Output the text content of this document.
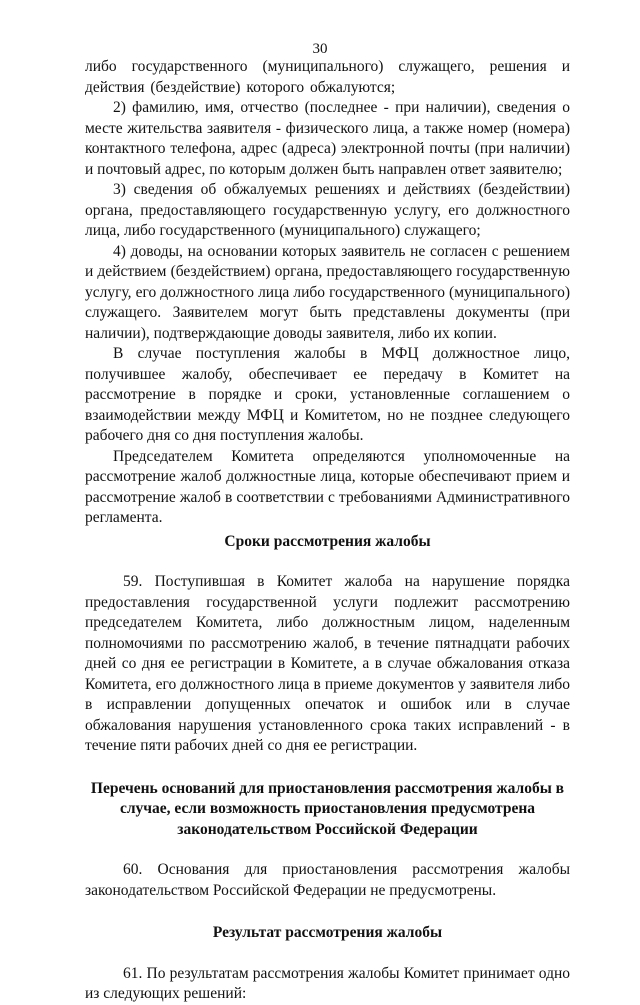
30

либо государственного (муниципального) служащего, решения и действия (бездействие) которого обжалуются;

2) фамилию, имя, отчество (последнее - при наличии), сведения о месте жительства заявителя - физического лица, а также номер (номера) контактного телефона, адрес (адреса) электронной почты (при наличии) и почтовый адрес, по которым должен быть направлен ответ заявителю;

3) сведения об обжалуемых решениях и действиях (бездействии) органа, предоставляющего государственную услугу, его должностного лица, либо государственного (муниципального) служащего;

4) доводы, на основании которых заявитель не согласен с решением и действием (бездействием) органа, предоставляющего государственную услугу, его должностного лица либо государственного (муниципального) служащего. Заявителем могут быть представлены документы (при наличии), подтверждающие доводы заявителя, либо их копии.

В случае поступления жалобы в МФЦ должностное лицо, получившее жалобу, обеспечивает ее передачу в Комитет на рассмотрение в порядке и сроки, установленные соглашением о взаимодействии между МФЦ и Комитетом, но не позднее следующего рабочего дня со дня поступления жалобы.

Председателем Комитета определяются уполномоченные на рассмотрение жалоб должностные лица, которые обеспечивают прием и рассмотрение жалоб в соответствии с требованиями Административного регламента.

Сроки рассмотрения жалобы

59. Поступившая в Комитет жалоба на нарушение порядка предоставления государственной услуги подлежит рассмотрению председателем Комитета, либо должностным лицом, наделенным полномочиями по рассмотрению жалоб, в течение пятнадцати рабочих дней со дня ее регистрации в Комитете, а в случае обжалования отказа Комитета, его должностного лица в приеме документов у заявителя либо в исправлении допущенных опечаток и ошибок или в случае обжалования нарушения установленного срока таких исправлений - в течение пяти рабочих дней со дня ее регистрации.

Перечень оснований для приостановления рассмотрения жалобы в случае, если возможность приостановления предусмотрена законодательством Российской Федерации

60. Основания для приостановления рассмотрения жалобы законодательством Российской Федерации не предусмотрены.

Результат рассмотрения жалобы

61. По результатам рассмотрения жалобы Комитет принимает одно из следующих решений:
